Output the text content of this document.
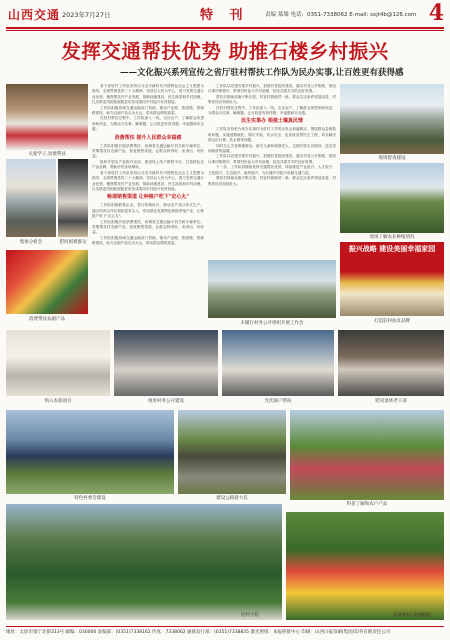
山西交通 2023年7月27日	特 刊	责编 慕墙 电话：0351-7338062 E-mail: sxjt4b@126.com 4
发挥交通帮扶优势 助推石楼乡村振兴
——文化振兴系列宣传之省厅驻村帮扶工作队为民办实事,让百姓更有获得感
关爱学子,真情帮扶
集体分析会	慰问困难群众
消费帮扶农副产品

省干部驻村工作队坚持以习近平新时代中国特色社会主义思想为指导，全面贯彻党的二十大精神，坚持以人民为中心，着力发挥交通行业优势，聚焦帮扶村产业发展、基础设施建设、民生改善和乡村治理，扎实推进巩固拓展脱贫攻坚成果同乡村振兴有效衔接。

工作队积极协调交通运输部门资源，推动产业路、旅游路、资源路建设，助力农副产品走出大山，带动群众增收致富。

在驻村帮扶过程中，工作队深入一线，走访农户，了解群众所思所盼所急，为群众办实事、解难题，让百姓更有获得感、幸福感和安全感。

消费帮扶 提升人民群众幸福感

工作队积极开展消费帮扶，协调省交通运输厅机关和厅属单位，采购帮扶村农副产品，拓宽销售渠道，让群众种得好、卖得出、有收益。

组织开展农产品推介活动，建设线上线下销售平台，打造特色农产品品牌，帮助村民实现增收。

省干部驻村工作队坚持以习近平新时代中国特色社会主义思想为指导，全面贯彻党的二十大精神，坚持以人民为中心，着力发挥交通行业优势，聚焦帮扶村产业发展、基础设施建设、民生改善和乡村治理，扎实推进巩固拓展脱贫攻坚成果同乡村振兴有效衔接。

畅通销售渠道 让种植户吃下"定心丸"

工作队积极联系企业，签订收购协议，推动农产品订单式生产。通过培育合作社和致富带头人，带动群众发展特色种植养殖产业，让种植户吃下"定心丸"。

工作队积极开展消费帮扶，协调省交通运输厅机关和厅属单位，采购帮扶村农副产品，拓宽销售渠道，让群众种得好、卖得出、有收益。

工作队积极协调交通运输部门资源，推动产业路、旅游路、资源路建设，助力农副产品走出大山，带动群众增收致富。

工作队以党建引领乡村振兴，加强村党组织建设，落实村务公开制度，规范议事决策程序，带领村民参与乡村治理，营造共建共享的良好氛围。

帮扶村基础设施不断完善，村容村貌焕然一新，群众生活条件明显改善，村集体经济持续壮大。

在驻村帮扶过程中，工作队深入一线，走访农户，了解群众所思所盼所急，为群众办实事、解难题，让百姓更有获得感、幸福感和安全感。

民生实事办 根植土壤真民情

工作队坚持把为民办实事作为驻村工作的出发点和落脚点，围绕群众急难愁盼问题，实施道路硬化、路灯安装、饮水安全、危房改造等民生工程，切实解决群众出行难、饮水难等问题。

同时关心关爱困难群众、留守儿童和孤寡老人，定期开展走访慰问，送去党和政府的温暖。

工作队以党建引领乡村振兴，加强村党组织建设，落实村务公开制度，规范议事决策程序，带领村民参与乡村治理，营造共建共享的良好氛围。

下一步，工作队将继续发挥交通帮扶优势，持续推进产业振兴、人才振兴、文化振兴、生态振兴、组织振兴，为石楼乡村振兴贡献交通力量。

帮扶村基础设施不断完善，村容村貌焕然一新，群众生活条件明显改善，村集体经济持续壮大。

现场督查建设
现场了解农业种植情况
振兴战略 建设美丽幸福家园
打造驻村扶贫品牌
未履行村务公开组织开展工作会
纳入农旅项目	推进村务公开建设	光伏联户帮扶	慰问退休老干部
特色村委会建设	建设公路接大坑
科普了解和农户产品
驻村小院	美丽乡村,美丽庭院
地址：太原市康宁北街313号 邮编：030006 发编部：(0351)7338162 传真：7338062 通联发行部：(0351)7338835 激光照排：本报照排中心 印刷：山西日报印刷(集团)印务有限责任公司
